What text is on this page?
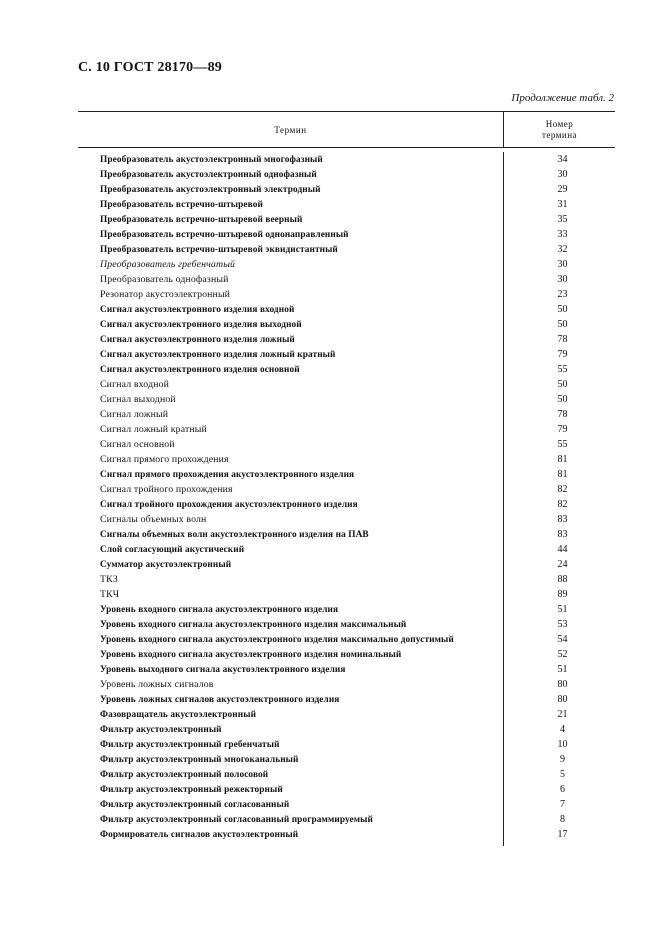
С. 10 ГОСТ 28170—89
Продолжение табл. 2
Термин
Номер
термина
Преобразователь акустоэлектронный многофазный	34
Преобразователь акустоэлектронный однофазный	30
Преобразователь акустоэлектронный электродный	29
Преобразователь встречно-штыревой	31
Преобразователь встречно-штыревой веерный	35
Преобразователь встречно-штыревой однонаправленный	33
Преобразователь встречно-штыревой эквидистантный	32
Преобразователь гребенчатый	30
Преобразователь однофазный	30
Резонатор акустоэлектронный	23
Сигнал акустоэлектронного изделия входной	50
Сигнал акустоэлектронного изделия выходной	50
Сигнал акустоэлектронного изделия ложный	78
Сигнал акустоэлектронного изделия ложный кратный	79
Сигнал акустоэлектронного изделия основной	55
Сигнал входной	50
Сигнал выходной	50
Сигнал ложный	78
Сигнал ложный кратный	79
Сигнал основной	55
Сигнал прямого прохождения	81
Сигнал прямого прохождения акустоэлектронного изделия	81
Сигнал тройного прохождения	82
Сигнал тройного прохождения акустоэлектронного изделия	82
Сигналы объемных волн	83
Сигналы объемных волн акустоэлектронного изделия на ПАВ	83
Слой согласующий акустический	44
Сумматор акустоэлектронный	24
ТКЗ	88
ТКЧ	89
Уровень входного сигнала акустоэлектронного изделия	51
Уровень входного сигнала акустоэлектронного изделия максимальный	53
Уровень входного сигнала акустоэлектронного изделия максимально допустимый	54
Уровень входного сигнала акустоэлектронного изделия номинальный	52
Уровень выходного сигнала акустоэлектронного изделия	51
Уровень ложных сигналов	80
Уровень ложных сигналов акустоэлектронного изделия	80
Фазовращатель акустоэлектронный	21
Фильтр акустоэлектронный	4
Фильтр акустоэлектронный гребенчатый	10
Фильтр акустоэлектронный многоканальный	9
Фильтр акустоэлектронный полосовой	5
Фильтр акустоэлектронный режекторный	6
Фильтр акустоэлектронный согласованный	7
Фильтр акустоэлектронный согласованный программируемый	8
Формирователь сигналов акустоэлектронный	17
